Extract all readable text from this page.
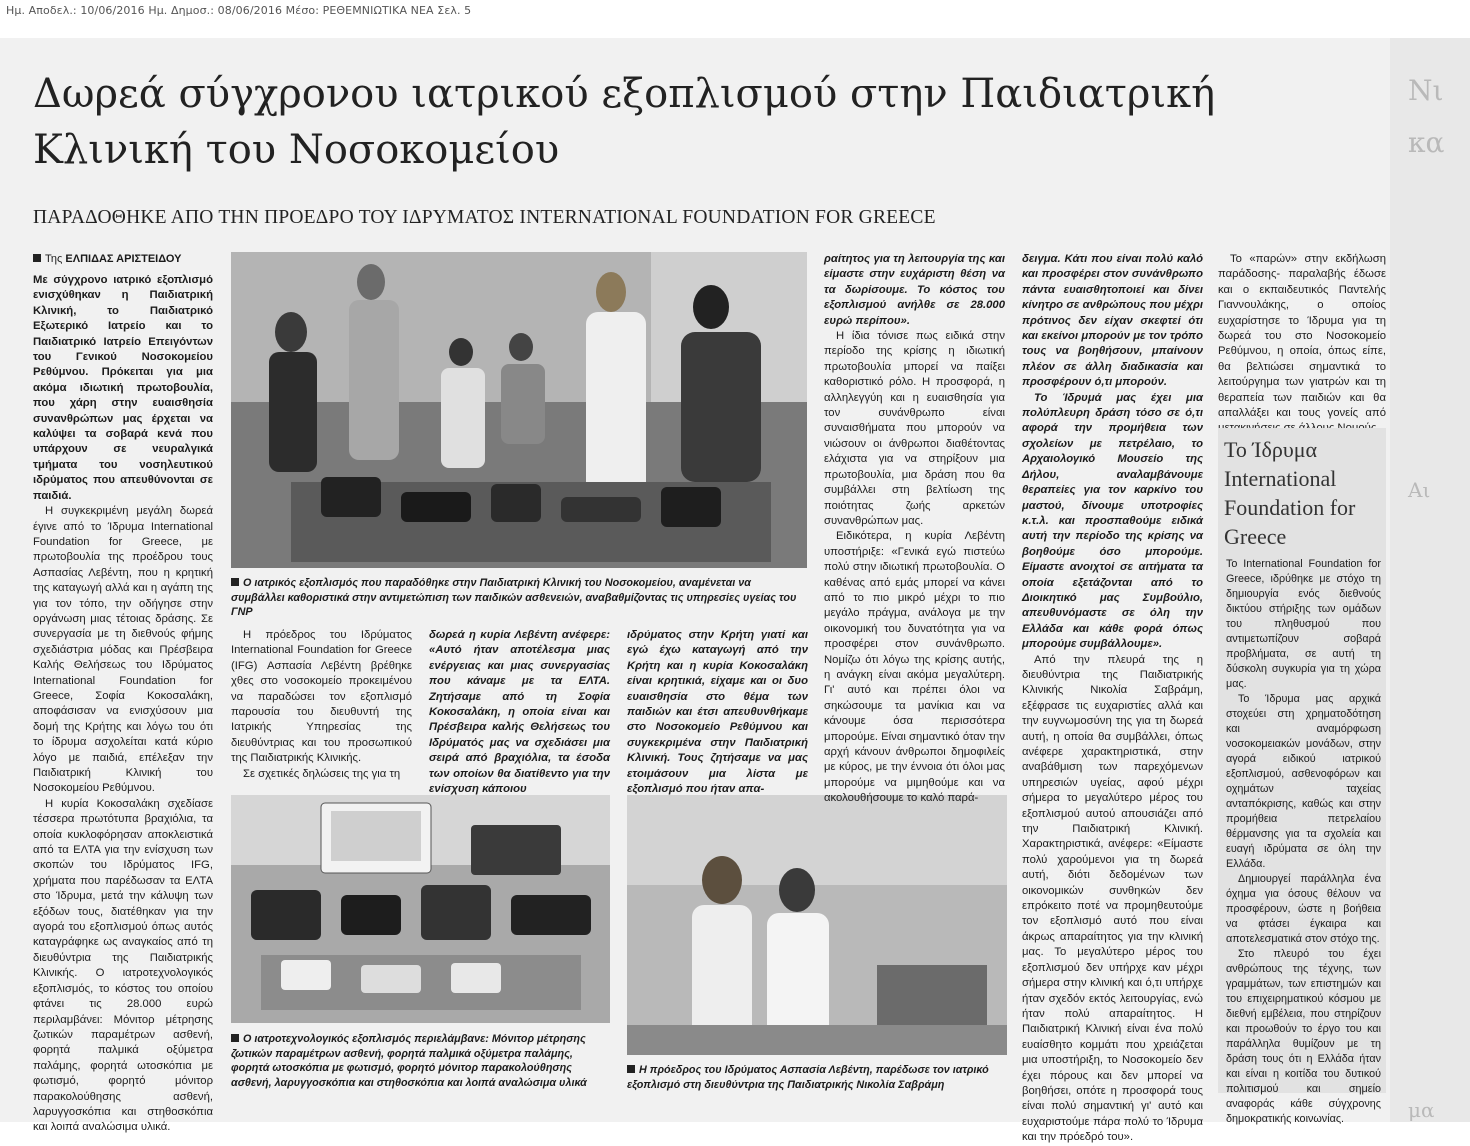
Ημ. Αποδελ.: 10/06/2016 Ημ. Δημοσ.: 08/06/2016 Μέσο: ΡΕΘΕΜΝΙΩΤΙΚΑ ΝΕΑ Σελ. 5
Νι
κα
Αι
μα
Δωρεά σύγχρονου ιατρικού εξοπλισμού στην Παιδιατρική Κλινική του Νοσοκομείου
ΠΑΡΑΔΟΘΗΚΕ ΑΠΟ ΤΗΝ ΠΡΟΕΔΡΟ ΤΟΥ ΙΔΡΥΜΑΤΟΣ INTERNATIONAL FOUNDATION FOR GREECE
Της ΕΛΠΙΔΑΣ ΑΡΙΣΤΕΙΔΟΥ

Με σύγχρονο ιατρικό εξοπλισμό ενισχύθηκαν η Παιδιατρική Κλινική, το Παιδιατρικό Εξωτερικό Ιατρείο και το Παιδιατρικό Ιατρείο Επειγόντων του Γενικού Νοσοκομείου Ρεθύμνου. Πρόκειται για μια ακόμα ιδιωτική πρωτοβουλία, που χάρη στην ευαισθησία συνανθρώπων μας έρχεται να καλύψει τα σοβαρά κενά που υπάρχουν σε νευραλγικά τμήματα του νοσηλευτικού ιδρύματος που απευθύνονται σε παιδιά.

Η συγκεκριμένη μεγάλη δωρεά έγινε από το Ίδρυμα International Foundation for Greece, με πρωτοβουλία της προέδρου τους Ασπασίας Λεβέντη, που η κρητική της καταγωγή αλλά και η αγάπη της για τον τόπο, την οδήγησε στην οργάνωση μιας τέτοιας δράσης. Σε συνεργασία με τη διεθνούς φήμης σχεδιάστρια μόδας και Πρέσβειρα Καλής Θελήσεως του Ιδρύματος International Foundation for Greece, Σοφία Κοκοσαλάκη, αποφάσισαν να ενισχύσουν μια δομή της Κρήτης και λόγω του ότι το ίδρυμα ασχολείται κατά κύριο λόγο με παιδιά, επέλεξαν την Παιδιατρική Κλινική του Νοσοκομείου Ρεθύμνου.

Η κυρία Κοκοσαλάκη σχεδίασε τέσσερα πρωτότυπα βραχιόλια, τα οποία κυκλοφόρησαν αποκλειστικά από τα ΕΛΤΑ για την ενίσχυση των σκοπών του Ιδρύματος IFG, χρήματα που παρέδωσαν τα ΕΛΤΑ στο Ίδρυμα, μετά την κάλυψη των εξόδων τους, διατέθηκαν για την αγορά του εξοπλισμού όπως αυτός καταγράφηκε ως αναγκαίος από τη διευθύντρια της Παιδιατρικής Κλινικής. Ο ιατροτεχνολογικός εξοπλισμός, το κόστος του οποίου φτάνει τις 28.000 ευρώ περιλαμβάνει: Μόνιτορ μέτρησης ζωτικών παραμέτρων ασθενή, φορητά παλμικά οξύμετρα παλάμης, φορητά ωτοσκόπια με φωτισμό, φορητό μόνιτορ παρακολούθησης ασθενή, λαρυγγοσκόπια και στηθοσκόπια και λοιπά αναλώσιμα υλικά.

Ο ιατρικός εξοπλισμός που παραδόθηκε στην Παιδιατρική Κλινική του Νοσοκομείου, αναμένεται να συμβάλλει καθοριστικά στην αντιμετώπιση των παιδικών ασθενειών, αναβαθμίζοντας τις υπηρεσίες υγείας του ΓΝΡ

Η πρόεδρος του Ιδρύματος International Foundation for Greece (IFG) Ασπασία Λεβέντη βρέθηκε χθες στο νοσοκομείο προκειμένου να παραδώσει τον εξοπλισμό παρουσία του διευθυντή της Ιατρικής Υπηρεσίας της διευθύντριας και του προσωπικού της Παιδιατρικής Κλινικής.

Σε σχετικές δηλώσεις της για τη

δωρεά η κυρία Λεβέντη ανέφερε: «Αυτό ήταν αποτέλεσμα μιας ενέργειας και μιας συνεργασίας που κάναμε με τα ΕΛΤΑ. Ζητήσαμε από τη Σοφία Κοκοσαλάκη, η οποία είναι και Πρέσβειρα καλής Θελήσεως του Ιδρύματός μας να σχεδιάσει μια σειρά από βραχιόλια, τα έσοδα των οποίων θα διατίθεντο για την ενίσχυση κάποιου

ιδρύματος στην Κρήτη γιατί και εγώ έχω καταγωγή από την Κρήτη και η κυρία Κοκοσαλάκη είναι κρητικιά, είχαμε και οι δυο ευαισθησία στο θέμα των παιδιών και έτσι απευθυνθήκαμε στο Νοσοκομείο Ρεθύμνου και συγκεκριμένα στην Παιδιατρική Κλινική. Τους ζητήσαμε να μας ετοιμάσουν μια λίστα με εξοπλισμό που ήταν απα-

Ο ιατροτεχνολογικός εξοπλισμός περιελάμβανε: Μόνιτορ μέτρησης ζωτικών παραμέτρων ασθενή, φορητά παλμικά οξύμετρα παλάμης, φορητά ωτοσκόπια με φωτισμό, φορητό μόνιτορ παρακολούθησης ασθενή, λαρυγγοσκόπια και στηθοσκόπια και λοιπά αναλώσιμα υλικά
Η πρόεδρος του Ιδρύματος Ασπασία Λεβέντη, παρέδωσε τον ιατρικό εξοπλισμό στη διευθύντρια της Παιδιατρικής Νικολία Σαβράμη

ραίτητος για τη λειτουργία της και είμαστε στην ευχάριστη θέση να τα δωρίσουμε. Το κόστος του εξοπλισμού ανήλθε σε 28.000 ευρώ περίπου».

Η ίδια τόνισε πως ειδικά στην περίοδο της κρίσης η ιδιωτική πρωτοβουλία μπορεί να παίξει καθοριστικό ρόλο. Η προσφορά, η αλληλεγγύη και η ευαισθησία για τον συνάνθρωπο είναι συναισθήματα που μπορούν να νιώσουν οι άνθρωποι διαθέτοντας ελάχιστα για να στηρίξουν μια πρωτοβουλία, μια δράση που θα συμβάλλει στη βελτίωση της ποιότητας ζωής αρκετών συνανθρώπων μας.

Ειδικότερα, η κυρία Λεβέντη υποστήριξε: «Γενικά εγώ πιστεύω πολύ στην ιδιωτική πρωτοβουλία. Ο καθένας από εμάς μπορεί να κάνει από το πιο μικρό μέχρι το πιο μεγάλο πράγμα, ανάλογα με την οικονομική του δυνατότητα για να προσφέρει στον συνάνθρωπο. Νομίζω ότι λόγω της κρίσης αυτής, η ανάγκη είναι ακόμα μεγαλύτερη. Γι' αυτό και πρέπει όλοι να σηκώσουμε τα μανίκια και να κάνουμε όσα περισσότερα μπορούμε. Είναι σημαντικό όταν την αρχή κάνουν άνθρωποι δημοφιλείς με κύρος, με την έννοια ότι όλοι μας μπορούμε να μιμηθούμε και να ακολουθήσουμε το καλό παρά-

δειγμα. Κάτι που είναι πολύ καλό και προσφέρει στον συνάνθρωπο πάντα ευαισθητοποιεί και δίνει κίνητρο σε ανθρώπους που μέχρι πρότινος δεν είχαν σκεφτεί ότι και εκείνοι μπορούν με τον τρόπο τους να βοηθήσουν, μπαίνουν πλέον σε άλλη διαδικασία και προσφέρουν ό,τι μπορούν.

Το Ίδρυμά μας έχει μια πολύπλευρη δράση τόσο σε ό,τι αφορά την προμήθεια των σχολείων με πετρέλαιο, το Αρχαιολογικό Μουσείο της Δήλου, αναλαμβάνουμε θεραπείες για τον καρκίνο του μαστού, δίνουμε υποτροφίες κ.τ.λ. και προσπαθούμε ειδικά αυτή την περίοδο της κρίσης να βοηθούμε όσο μπορούμε. Είμαστε ανοιχτοί σε αιτήματα τα οποία εξετάζονται από το Διοικητικό μας Συμβούλιο, απευθυνόμαστε σε όλη την Ελλάδα και κάθε φορά όπως μπορούμε συμβάλλουμε».

Από την πλευρά της η διευθύντρια της Παιδιατρικής Κλινικής Νικολία Σαβράμη, εξέφρασε τις ευχαριστίες αλλά και την ευγνωμοσύνη της για τη δωρεά αυτή, η οποία θα συμβάλλει, όπως ανέφερε χαρακτηριστικά, στην αναβάθμιση των παρεχόμενων υπηρεσιών υγείας, αφού μέχρι σήμερα το μεγαλύτερο μέρος του εξοπλισμού αυτού απουσιάζει από την Παιδιατρική Κλινική. Χαρακτηριστικά, ανέφερε: «Είμαστε πολύ χαρούμενοι για τη δωρεά αυτή, διότι δεδομένων των οικονομικών συνθηκών δεν επρόκειτο ποτέ να προμηθευτούμε τον εξοπλισμό αυτό που είναι άκρως απαραίτητος για την κλινική μας. Το μεγαλύτερο μέρος του εξοπλισμού δεν υπήρχε καν μέχρι σήμερα στην κλινική και ό,τι υπήρχε ήταν σχεδόν εκτός λειτουργίας, ενώ ήταν πολύ απαραίτητος. Η Παιδιατρική Κλινική είναι ένα πολύ ευαίσθητο κομμάτι που χρειάζεται μια υποστήριξη, το Νοσοκομείο δεν έχει πόρους και δεν μπορεί να βοηθήσει, οπότε η προσφορά τους είναι πολύ σημαντική γι' αυτό και ευχαριστούμε πάρα πολύ το Ίδρυμα και την πρόεδρό του».

Το «παρών» στην εκδήλωση παράδοσης- παραλαβής έδωσε και ο εκπαιδευτικός Παντελής Γιαννουλάκης, ο οποίος ευχαρίστησε το Ίδρυμα για τη δωρεά του στο Νοσοκομείο Ρεθύμνου, η οποία, όπως είπε, θα βελτιώσει σημαντικά το λειτούργημα των γιατρών και τη θεραπεία των παιδιών και θα απαλλάξει και τους γονείς από

Το Ίδρυμα International Foundation for Greece

Το International Foundation for Greece, ιδρύθηκε με στόχο τη δημιουργία ενός διεθνούς δικτύου στήριξης των ομάδων του πληθυσμού που αντιμετωπίζουν σοβαρά προβλήματα, σε αυτή τη δύσκολη συγκυρία για τη χώρα μας.

Το Ίδρυμα μας αρχικά στοχεύει στη χρηματοδότηση και αναμόρφωση νοσοκομειακών μονάδων, στην αγορά ειδικού ιατρικού εξοπλισμού, ασθενοφόρων και οχημάτων ταχείας ανταπόκρισης, καθώς και στην προμήθεια πετρελαίου θέρμανσης για τα σχολεία και ευαγή ιδρύματα σε όλη την Ελλάδα.

Δημιουργεί παράλληλα ένα όχημα για όσους θέλουν να προσφέρουν, ώστε η βοήθεια να φτάσει έγκαιρα και αποτελεσματικά στον στόχο της.

Στο πλευρό του έχει ανθρώπους της τέχνης, των γραμμάτων, των επιστημών και του επιχειρηματικού κόσμου με διεθνή εμβέλεια, που στηρίζουν και προωθούν το έργο του και παράλληλα θυμίζουν με τη δράση τους ότι η Ελλάδα ήταν και είναι η κοιτίδα του δυτικού πολιτισμού και σημείο αναφοράς κάθε σύγχρονης δημοκρατικής κοινωνίας.
